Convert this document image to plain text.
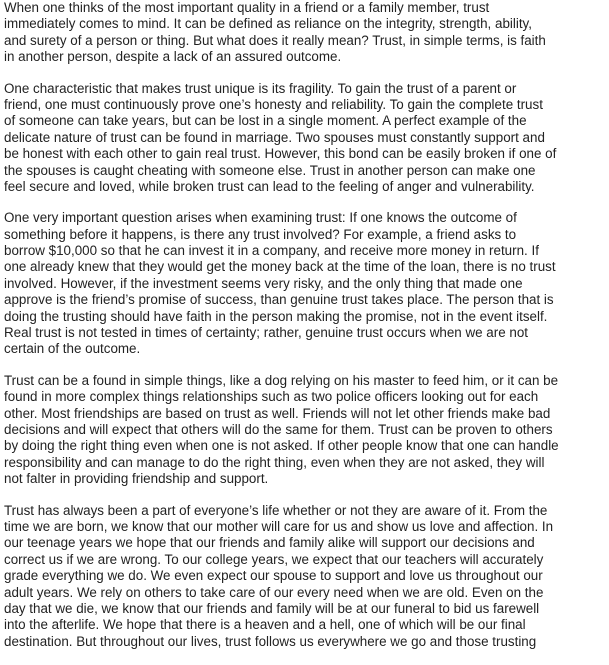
When one thinks of the most important quality in a friend or a family member, trust
immediately comes to mind. It can be defined as reliance on the integrity, strength, ability,
and surety of a person or thing. But what does it really mean? Trust, in simple terms, is faith
in another person, despite a lack of an assured outcome.

One characteristic that makes trust unique is its fragility. To gain the trust of a parent or
friend, one must continuously prove one’s honesty and reliability. To gain the complete trust
of someone can take years, but can be lost in a single moment. A perfect example of the
delicate nature of trust can be found in marriage. Two spouses must constantly support and
be honest with each other to gain real trust. However, this bond can be easily broken if one of
the spouses is caught cheating with someone else. Trust in another person can make one
feel secure and loved, while broken trust can lead to the feeling of anger and vulnerability.

One very important question arises when examining trust: If one knows the outcome of
something before it happens, is there any trust involved? For example, a friend asks to
borrow $10,000 so that he can invest it in a company, and receive more money in return. If
one already knew that they would get the money back at the time of the loan, there is no trust
involved. However, if the investment seems very risky, and the only thing that made one
approve is the friend’s promise of success, than genuine trust takes place. The person that is
doing the trusting should have faith in the person making the promise, not in the event itself.
Real trust is not tested in times of certainty; rather, genuine trust occurs when we are not
certain of the outcome.

Trust can be a found in simple things, like a dog relying on his master to feed him, or it can be
found in more complex things relationships such as two police officers looking out for each
other. Most friendships are based on trust as well. Friends will not let other friends make bad
decisions and will expect that others will do the same for them. Trust can be proven to others
by doing the right thing even when one is not asked. If other people know that one can handle
responsibility and can manage to do the right thing, even when they are not asked, they will
not falter in providing friendship and support.

Trust has always been a part of everyone’s life whether or not they are aware of it. From the
time we are born, we know that our mother will care for us and show us love and affection. In
our teenage years we hope that our friends and family alike will support our decisions and
correct us if we are wrong. To our college years, we expect that our teachers will accurately
grade everything we do. We even expect our spouse to support and love us throughout our
adult years. We rely on others to take care of our every need when we are old. Even on the
day that we die, we know that our friends and family will be at our funeral to bid us farewell
into the afterlife. We hope that there is a heaven and a hell, one of which will be our final
destination. But throughout our lives, trust follows us everywhere we go and those trusting
